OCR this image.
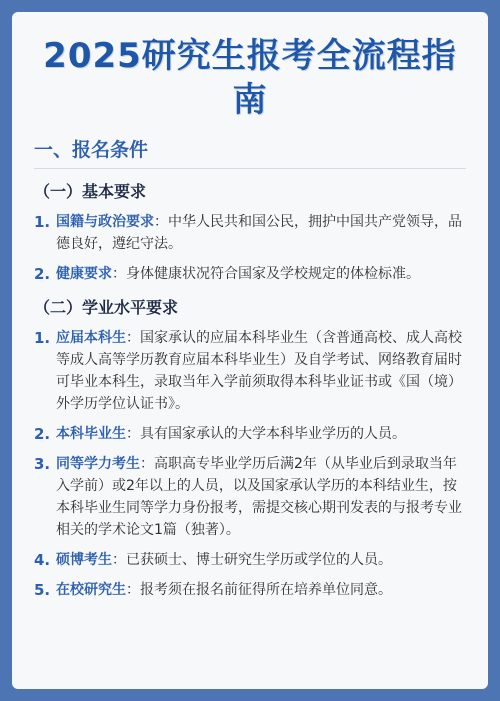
2025研究生报考全流程指南
一、报名条件
（一）基本要求
1. 国籍与政治要求：中华人民共和国公民，拥护中国共产党领导，品德良好，遵纪守法。
2. 健康要求：身体健康状况符合国家及学校规定的体检标准。
（二）学业水平要求
1. 应届本科生：国家承认的应届本科毕业生（含普通高校、成人高校等成人高等学历教育应届本科毕业生）及自学考试、网络教育届时可毕业本科生，录取当年入学前须取得本科毕业证书或《国（境）外学历学位认证书》。
2. 本科毕业生：具有国家承认的大学本科毕业学历的人员。
3. 同等学力考生：高职高专毕业学历后满2年（从毕业后到录取当年入学前）或2年以上的人员，以及国家承认学历的本科结业生，按本科毕业生同等学力身份报考，需提交核心期刊发表的与报考专业相关的学术论文1篇（独著）。
4. 硕博考生：已获硕士、博士研究生学历或学位的人员。
5. 在校研究生：报考须在报名前征得所在培养单位同意。
